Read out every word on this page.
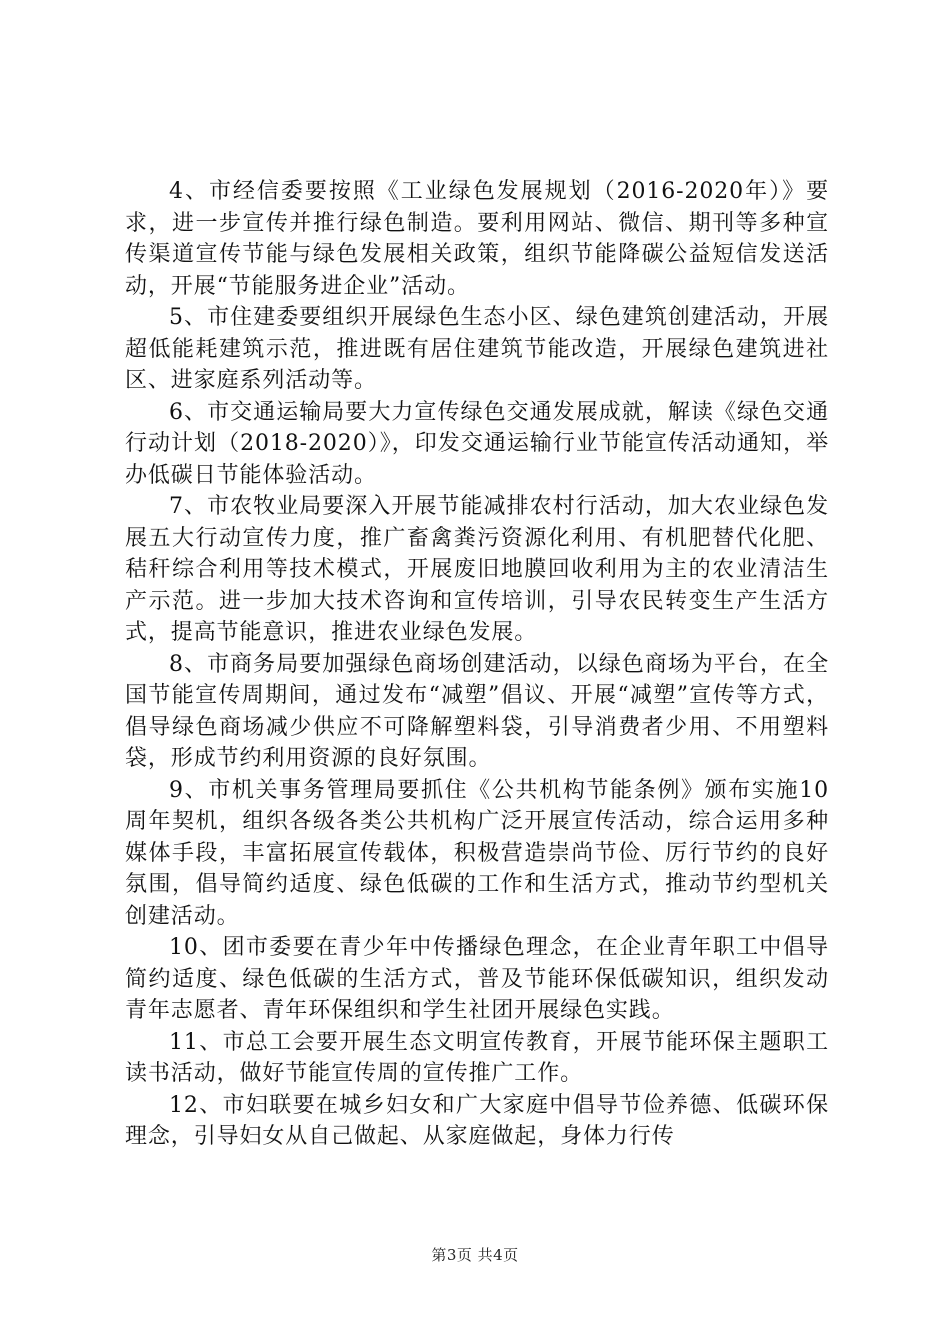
4、市经信委要按照《工业绿色发展规划（2016-2020年）》要求，进一步宣传并推行绿色制造。要利用网站、微信、期刊等多种宣传渠道宣传节能与绿色发展相关政策，组织节能降碳公益短信发送活动，开展“节能服务进企业”活动。

5、市住建委要组织开展绿色生态小区、绿色建筑创建活动，开展超低能耗建筑示范，推进既有居住建筑节能改造，开展绿色建筑进社区、进家庭系列活动等。

6、市交通运输局要大力宣传绿色交通发展成就，解读《绿色交通行动计划（2018-2020）》，印发交通运输行业节能宣传活动通知，举办低碳日节能体验活动。

7、市农牧业局要深入开展节能减排农村行活动，加大农业绿色发展五大行动宣传力度，推广畜禽粪污资源化利用、有机肥替代化肥、秸秆综合利用等技术模式，开展废旧地膜回收利用为主的农业清洁生产示范。进一步加大技术咨询和宣传培训，引导农民转变生产生活方式，提高节能意识，推进农业绿色发展。

8、市商务局要加强绿色商场创建活动，以绿色商场为平台，在全国节能宣传周期间，通过发布“减塑”倡议、开展“减塑”宣传等方式，倡导绿色商场减少供应不可降解塑料袋，引导消费者少用、不用塑料袋，形成节约利用资源的良好氛围。

9、市机关事务管理局要抓住《公共机构节能条例》颁布实施10周年契机，组织各级各类公共机构广泛开展宣传活动，综合运用多种媒体手段，丰富拓展宣传载体，积极营造崇尚节俭、厉行节约的良好氛围，倡导简约适度、绿色低碳的工作和生活方式，推动节约型机关创建活动。

10、团市委要在青少年中传播绿色理念，在企业青年职工中倡导简约适度、绿色低碳的生活方式，普及节能环保低碳知识，组织发动青年志愿者、青年环保组织和学生社团开展绿色实践。

11、市总工会要开展生态文明宣传教育，开展节能环保主题职工读书活动，做好节能宣传周的宣传推广工作。

12、市妇联要在城乡妇女和广大家庭中倡导节俭养德、低碳环保理念，引导妇女从自己做起、从家庭做起，身体力行传

第3页 共4页
